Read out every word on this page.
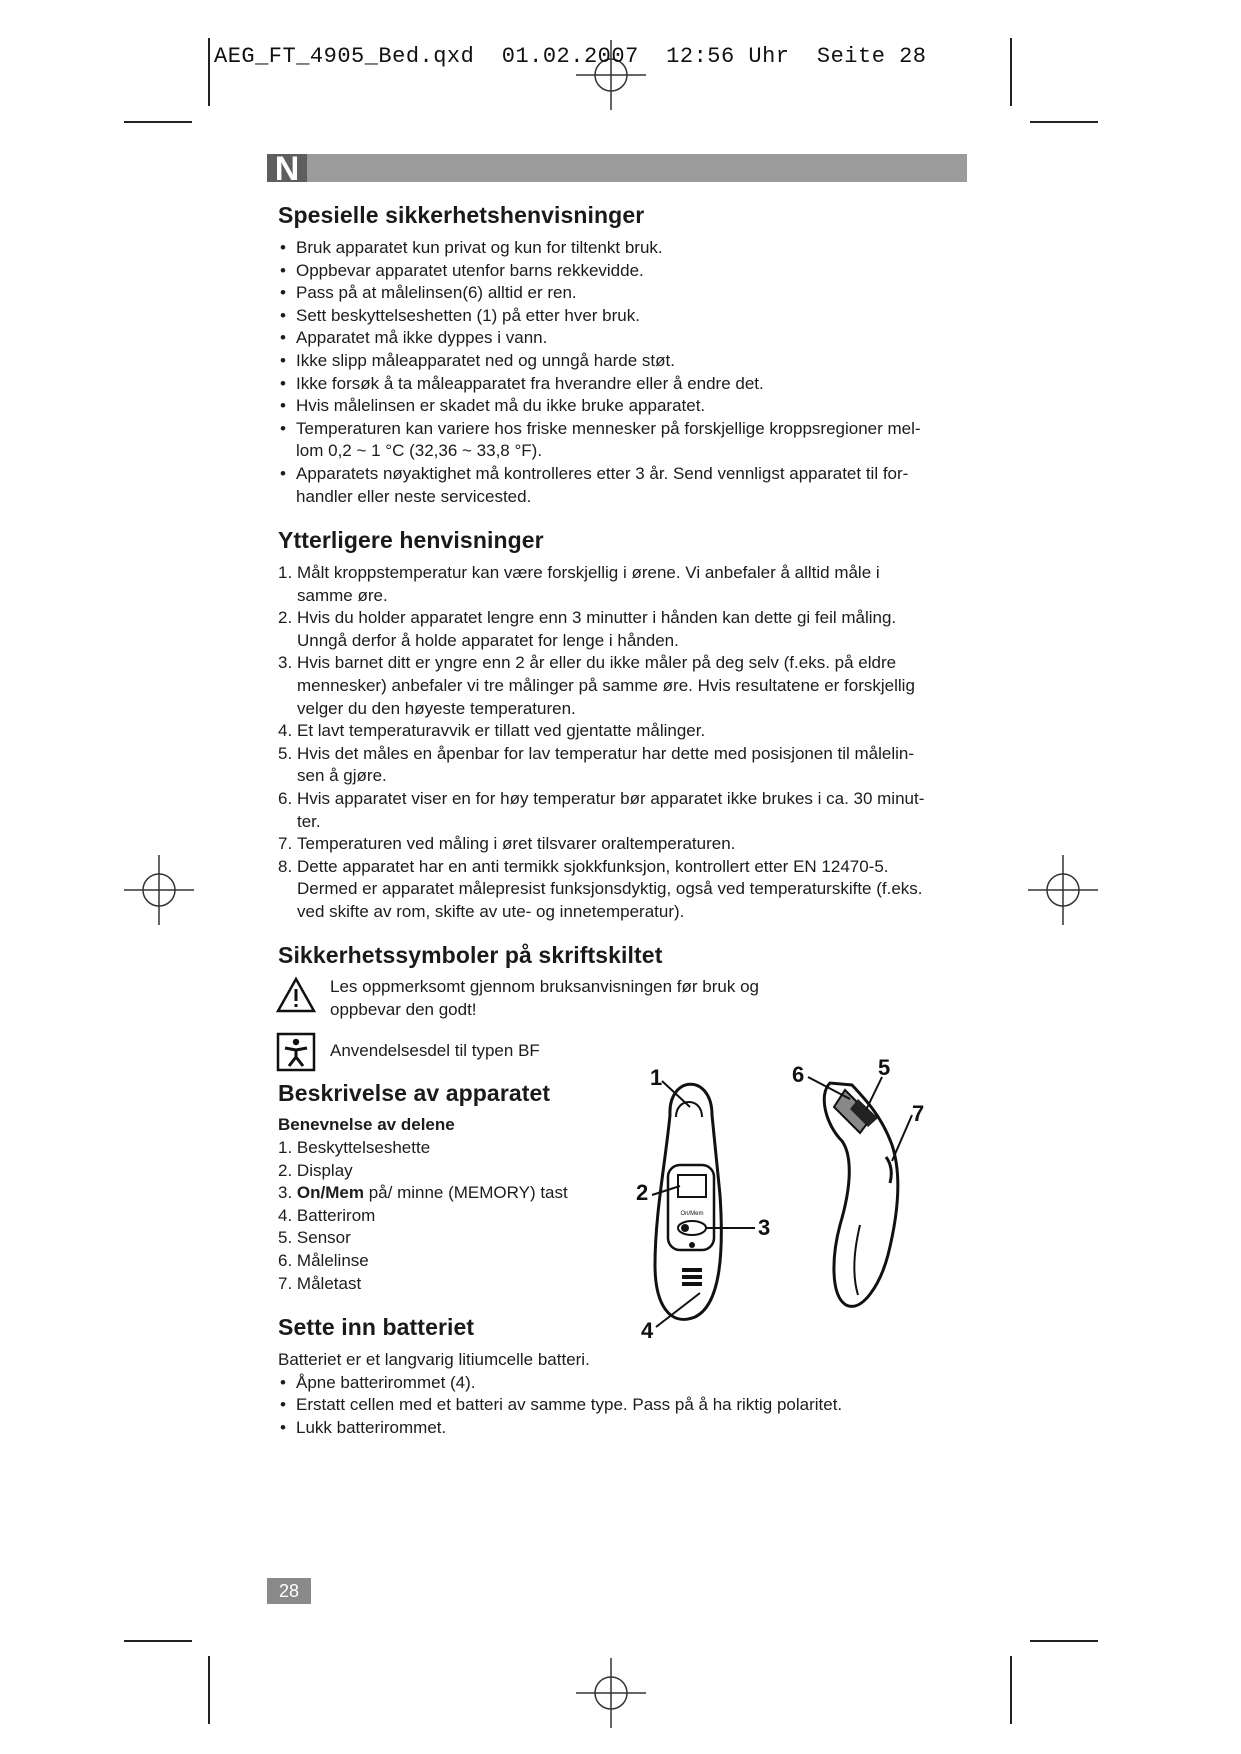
AEG_FT_4905_Bed.qxd  01.02.2007  12:56 Uhr  Seite 28
N
Spesielle sikkerhetshenvisninger
• Bruk apparatet kun privat og kun for tiltenkt bruk.
• Oppbevar apparatet utenfor barns rekkevidde.
• Pass på at målelinsen(6) alltid er ren.
• Sett beskyttelseshetten (1) på etter hver bruk.
• Apparatet må ikke dyppes i vann.
• Ikke slipp måleapparatet ned og unngå harde støt.
• Ikke forsøk å ta måleapparatet fra hverandre eller å endre det.
• Hvis målelinsen er skadet må du ikke bruke apparatet.
• Temperaturen kan variere hos friske mennesker på forskjellige kroppsregioner mel-
lom 0,2 ~ 1 °C (32,36 ~ 33,8 °F).
• Apparatets nøyaktighet må kontrolleres etter 3 år. Send vennligst apparatet til for-
handler eller neste servicested.
Ytterligere henvisninger
1. Målt kroppstemperatur kan være forskjellig i ørene. Vi anbefaler å alltid måle i
samme øre.
2. Hvis du holder apparatet lengre enn 3 minutter i hånden kan dette gi feil måling.
Unngå derfor å holde apparatet for lenge i hånden.
3. Hvis barnet ditt er yngre enn 2 år eller du ikke måler på deg selv (f.eks. på eldre
mennesker) anbefaler vi tre målinger på samme øre. Hvis resultatene er forskjellig
velger du den høyeste temperaturen.
4. Et lavt temperaturavvik er tillatt ved gjentatte målinger.
5. Hvis det måles en åpenbar for lav temperatur har dette med posisjonen til målelin-
sen å gjøre.
6. Hvis apparatet viser en for høy temperatur bør apparatet ikke brukes i ca. 30 minut-
ter.
7. Temperaturen ved måling i øret tilsvarer oraltemperaturen.
8. Dette apparatet har en anti termikk sjokkfunksjon, kontrollert etter EN 12470-5.
Dermed er apparatet målepresist funksjonsdyktig, også ved temperaturskifte (f.eks.
ved skifte av rom, skifte av ute- og innetemperatur).
Sikkerhetssymboler på skriftskiltet
Les oppmerksomt gjennom bruksanvisningen før bruk og
oppbevar den godt!
Anvendelsesdel til typen BF
Beskrivelse av apparatet
Benevnelse av delene
1. Beskyttelseshette
2. Display
3. On/Mem på/ minne (MEMORY) tast
4. Batterirom
5. Sensor
6. Målelinse
7. Måletast
On/Mem
1
2
3
4
5
6
7
Sette inn batteriet
Batteriet er et langvarig litiumcelle batteri.
• Åpne batterirommet (4).
• Erstatt cellen med et batteri av samme type. Pass på å ha riktig polaritet.
• Lukk batterirommet.
28
